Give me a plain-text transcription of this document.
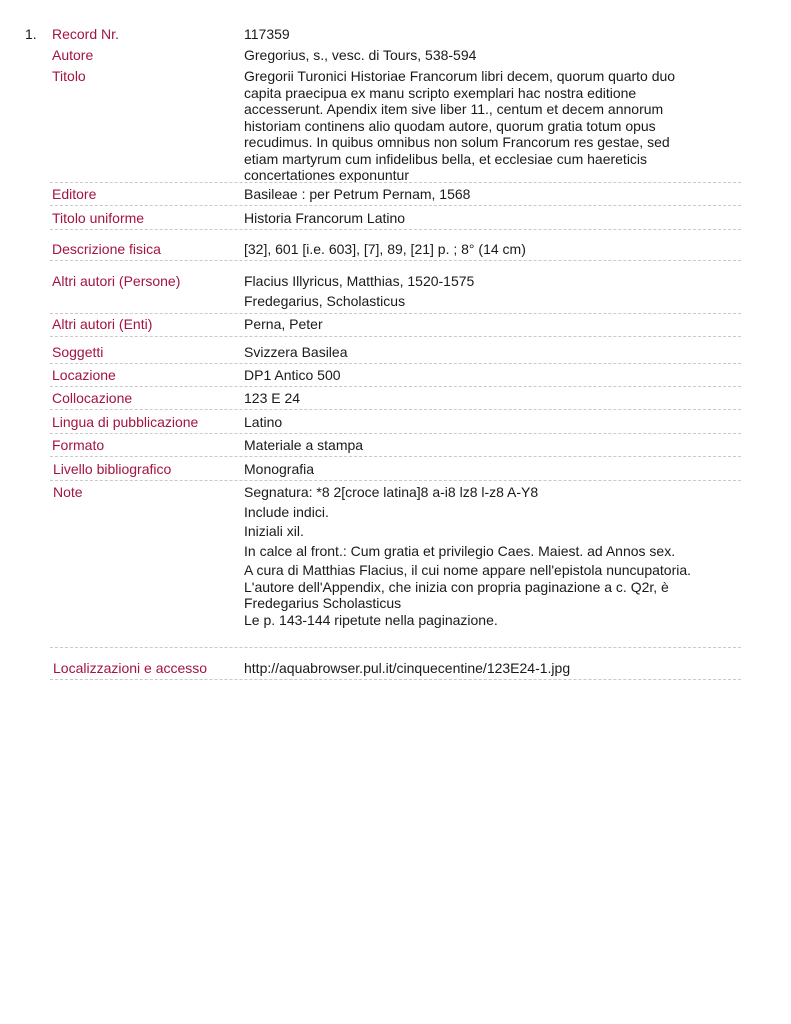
1. Record Nr.	117359
Autore	Gregorius, s., vesc. di Tours, 538-594
Titolo	Gregorii Turonici Historiae Francorum libri decem, quorum quarto duo capita praecipua ex manu scripto exemplari hac nostra editione accesserunt. Apendix item sive liber 11., centum et decem annorum historiam continens alio quodam autore, quorum gratia totum opus recudimus. In quibus omnibus non solum Francorum res gestae, sed etiam martyrum cum infidelibus bella, et ecclesiae cum haereticis concertationes exponuntur
Editore	Basileae : per Petrum Pernam, 1568
Titolo uniforme	Historia Francorum Latino
Descrizione fisica	[32], 601 [i.e. 603], [7], 89, [21] p. ; 8° (14 cm)
Altri autori (Persone)	Flacius Illyricus, Matthias, 1520-1575

Fredegarius, Scholasticus

Altri autori (Enti)	Perna, Peter
Soggetti	Svizzera Basilea
Locazione	DP1 Antico 500
Collocazione	123 E 24
Lingua di pubblicazione	Latino
Formato	Materiale a stampa
Livello bibliografico	Monografia
Note	Segnatura: *8 2[croce latina]8 a-i8 lz8 l-z8 A-Y8

Include indici.

Iniziali xil.

In calce al front.: Cum gratia et privilegio Caes. Maiest. ad Annos sex.

A cura di Matthias Flacius, il cui nome appare nell'epistola nuncupatoria.

L'autore dell'Appendix, che inizia con propria paginazione a c. Q2r, è Fredegarius Scholasticus

Le p. 143-144 ripetute nella paginazione.

Localizzazioni e accesso	http://aquabrowser.pul.it/cinquecentine/123E24-1.jpg
